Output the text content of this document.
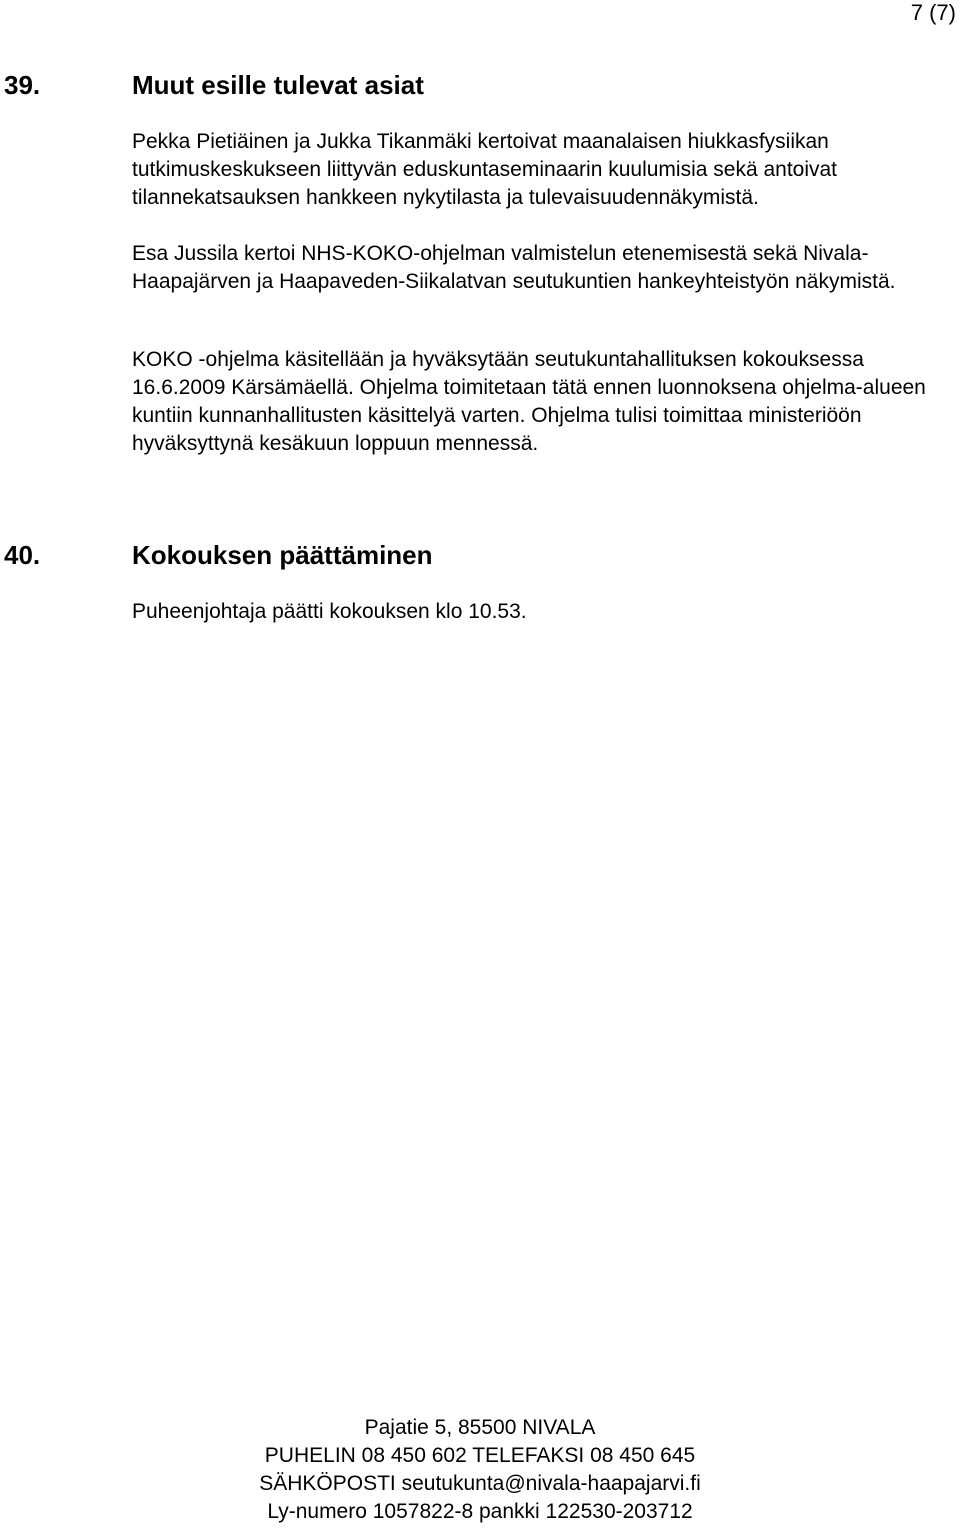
7 (7)
39.	Muut esille tulevat asiat

Pekka Pietiäinen ja Jukka Tikanmäki kertoivat maanalaisen hiukkasfysiikan tutkimuskeskukseen liittyvän eduskuntaseminaarin kuulumisia sekä antoivat tilannekatsauksen hankkeen nykytilasta ja tulevaisuudennäkymistä.

Esa Jussila kertoi NHS-KOKO-ohjelman valmistelun etenemisestä sekä Nivala-Haapajärven ja Haapaveden-Siikalatvan seutukuntien hankeyhteistyön näkymistä.

KOKO -ohjelma käsitellään ja hyväksytään seutukuntahallituksen kokouksessa 16.6.2009 Kärsämäellä. Ohjelma toimitetaan tätä ennen luonnoksena ohjelma-alueen kuntiin kunnanhallitusten käsittelyä varten. Ohjelma tulisi toimittaa ministeriöön hyväksyttynä kesäkuun loppuun mennessä.

40.	Kokouksen päättäminen

Puheenjohtaja päätti kokouksen klo 10.53.

Pajatie 5, 85500 NIVALA
PUHELIN 08 450 602 TELEFAKSI 08 450 645
SÄHKÖPOSTI seutukunta@nivala-haapajarvi.fi
Ly-numero 1057822-8 pankki 122530-203712
